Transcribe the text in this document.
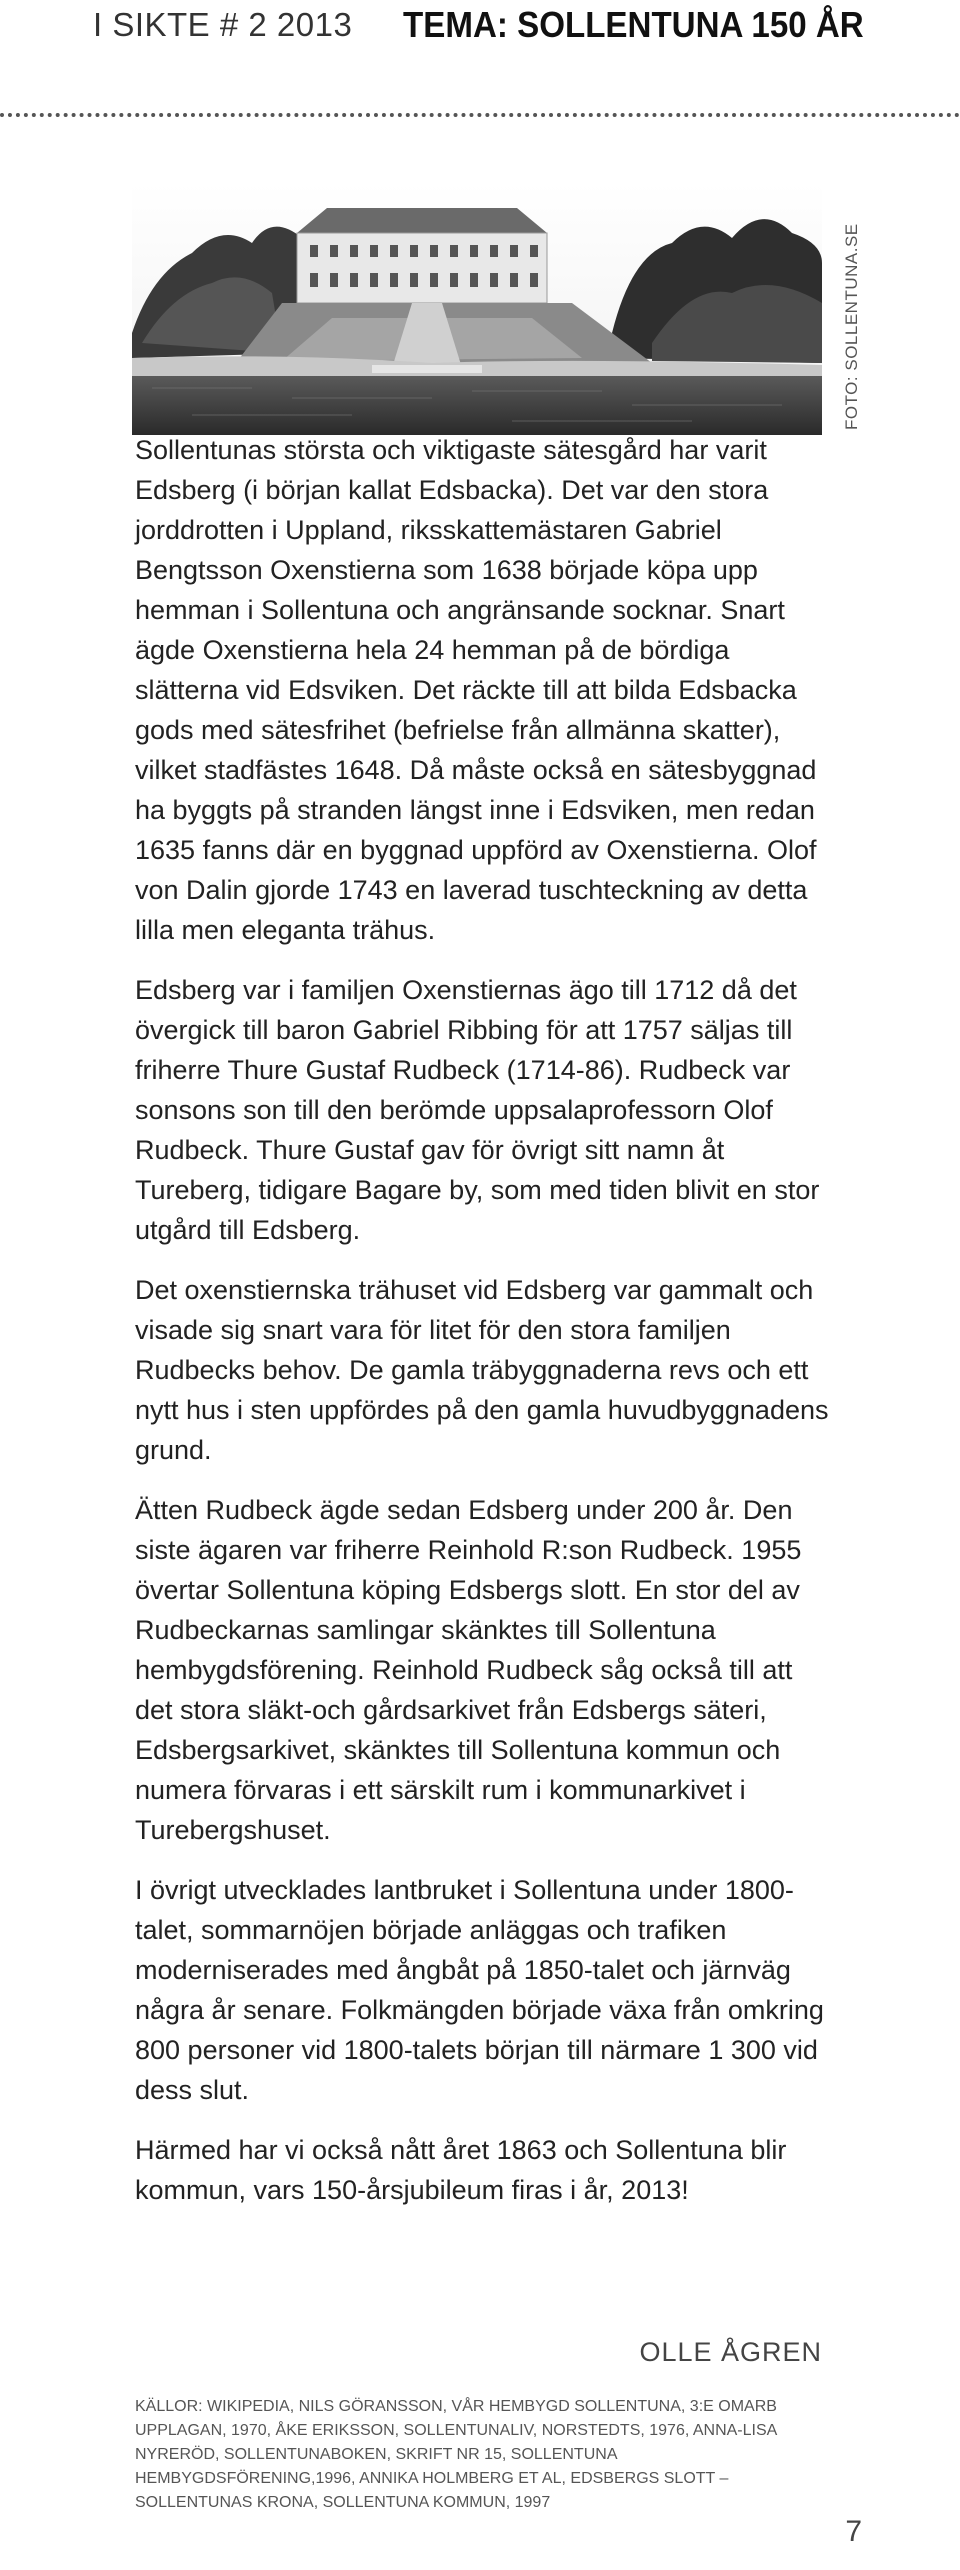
I SIKTE # 2 2013 TEMA: SOLLENTUNA 150 ÅR
FOTO: SOLLENTUNA.SE

Sollentunas största och viktigaste sätesgård har varit Edsberg (i början kallat Edsbacka). Det var den stora jorddrotten i Uppland, riksskattemästaren Gabriel Bengtsson Oxenstierna som 1638 började köpa upp hemman i Sollentuna och angränsande socknar. Snart ägde Oxenstierna hela 24 hemman på de bördiga slätterna vid Edsviken. Det räckte till att bilda Edsbacka gods med sätesfrihet (befrielse från allmänna skatter), vilket stadfästes 1648. Då måste också en sätesbyggnad ha byggts på stranden längst inne i Edsviken, men redan 1635 fanns där en byggnad uppförd av Oxenstierna. Olof von Dalin gjorde 1743 en laverad tuschteckning av detta lilla men eleganta trähus.

Edsberg var i familjen Oxenstiernas ägo till 1712 då det övergick till baron Gabriel Ribbing för att 1757 säljas till friherre Thure Gustaf Rudbeck (1714-86). Rudbeck var sonsons son till den berömde uppsalaprofessorn Olof Rudbeck. Thure Gustaf gav för övrigt sitt namn åt Tureberg, tidigare Bagare by, som med tiden blivit en stor utgård till Edsberg.

Det oxenstiernska trähuset vid Edsberg var gammalt och visade sig snart vara för litet för den stora familjen Rudbecks behov. De gamla träbyggnaderna revs och ett nytt hus i sten uppfördes på den gamla huvudbyggnadens grund.

Ätten Rudbeck ägde sedan Edsberg under 200 år. Den siste ägaren var friherre Reinhold R:son Rudbeck. 1955 övertar Sollentuna köping Edsbergs slott. En stor del av Rudbeckarnas samlingar skänktes till Sollentuna hembygdsförening. Reinhold Rudbeck såg också till att det stora släkt-och gårdsarkivet från Edsbergs säteri, Edsbergsarkivet, skänktes till Sollentuna kommun och numera förvaras i ett särskilt rum i kommunarkivet i Turebergshuset.

I övrigt utvecklades lantbruket i Sollentuna under 1800-talet, sommarnöjen började anläggas och trafiken moderniserades med ångbåt på 1850-talet och järnväg några år senare. Folkmängden började växa från omkring 800 personer vid 1800-talets början till närmare 1 300 vid dess slut.

Härmed har vi också nått året 1863 och Sollentuna blir kommun, vars 150-årsjubileum firas i år, 2013!

OLLE ÅGREN
KÄLLOR: WIKIPEDIA, NILS GÖRANSSON, VÅR HEMBYGD SOLLENTUNA, 3:E OMARB UPPLAGAN, 1970, ÅKE ERIKSSON, SOLLENTUNALIV, NORSTEDTS, 1976, ANNA-LISA NYRERÖD, SOLLENTUNABOKEN, SKRIFT NR 15, SOLLENTUNA HEMBYGDSFÖRENING,1996, ANNIKA HOLMBERG ET AL, EDSBERGS SLOTT – SOLLENTUNAS KRONA, SOLLENTUNA KOMMUN, 1997
7
